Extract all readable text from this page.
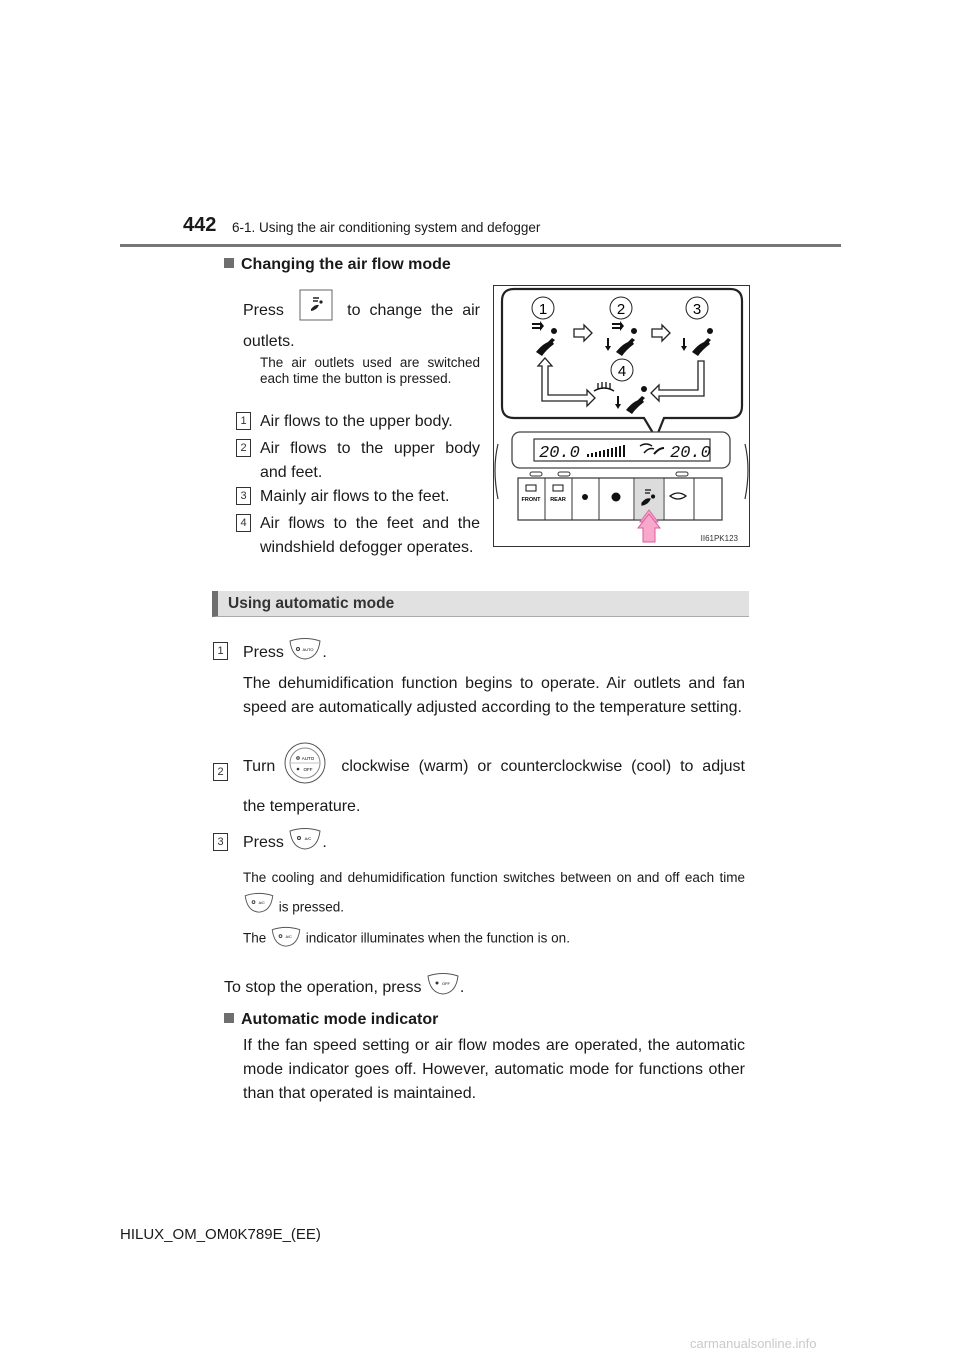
442 6-1. Using the air conditioning system and defogger
Changing the air flow mode
Press	to change the air
outlets.
The air outlets used are switched each time the button is pressed.
1 Air flows to the upper body.
2 Air flows to the upper body and feet.
3 Mainly air flows to the feet.
4 Air flows to the feet and the windshield defogger operates.
1	2	3
4
20.0	20.0
FRONT REAR
II61PK123
Using automatic mode
1 Press	AUTO .
The dehumidification function begins to operate. Air outlets and fan speed are automatically adjusted according to the temperature setting.
2 Turn	AUTO
OFF clockwise (warm) or counterclockwise (cool) to adjust
the temperature.
3 Press	A/C .
The cooling and dehumidification function switches between on and off each time
A/C is pressed.
The	A/C indicator illuminates when the function is on.
To stop the operation, press	OFF .
Automatic mode indicator
If the fan speed setting or air flow modes are operated, the automatic mode indicator goes off. However, automatic mode for functions other than that operated is maintained.
HILUX_OM_OM0K789E_(EE)
carmanualsonline.info
